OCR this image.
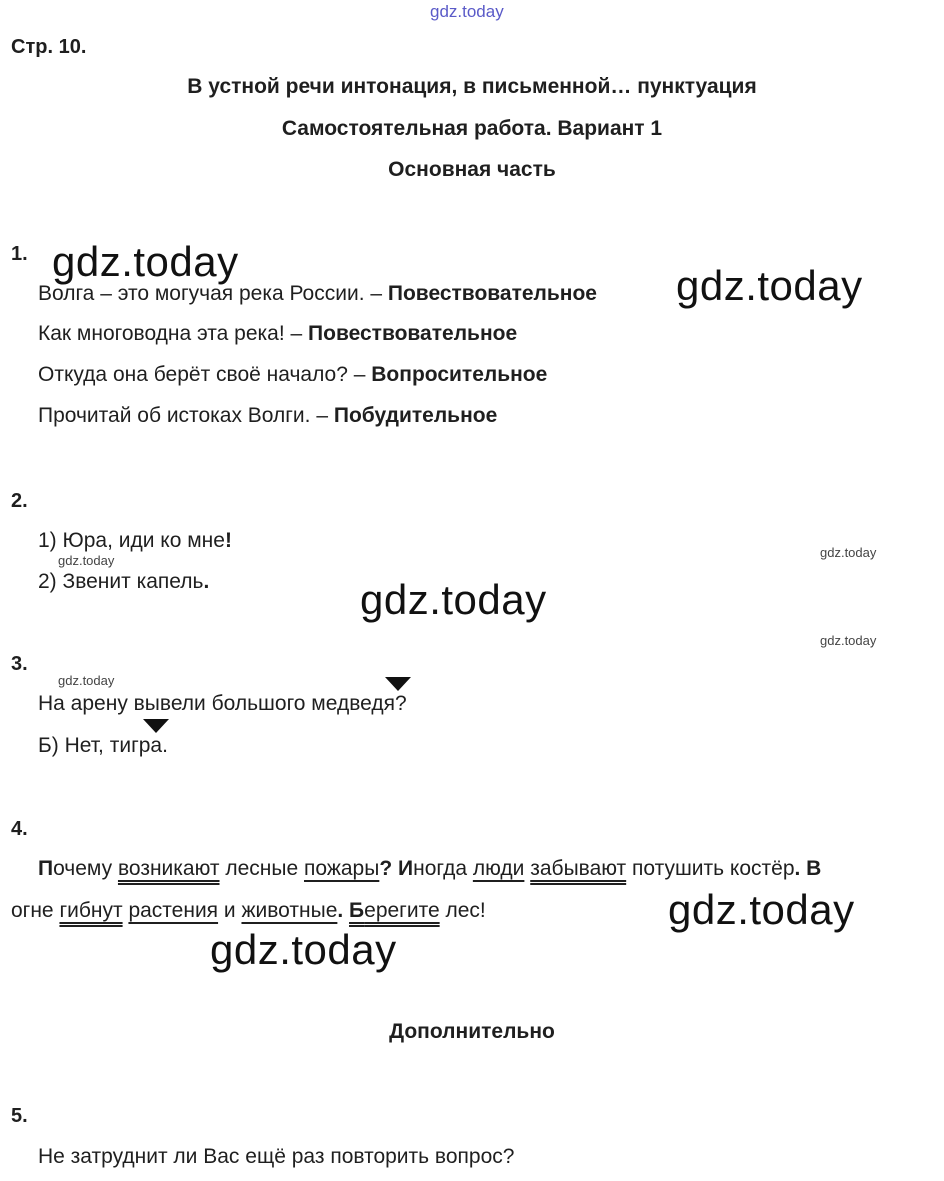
gdz.today
Стр. 10.
В устной речи интонация, в письменной… пунктуация
Самостоятельная работа. Вариант 1
Основная часть
1. gdz.today
Волга – это могучая река России. – Повествовательное gdz.today
Как многоводна эта река! – Повествовательное
Откуда она берёт своё начало? – Вопросительное
Прочитай об истоках Волги. – Побудительное
2.
1) Юра, иди ко мне!
gdz.today
gdz.today
2) Звенит капель.	gdz.today
gdz.today
3.
gdz.today
На арену вывели большого медведя?
Б) Нет, тигра.
4.
Почему возникают лесные пожары? Иногда люди забывают потушить костёр. В
огне гибнут растения и животные. Берегите лес!	gdz.today
gdz.today
Дополнительно
5.
Не затруднит ли Вас ещё раз повторить вопрос?
